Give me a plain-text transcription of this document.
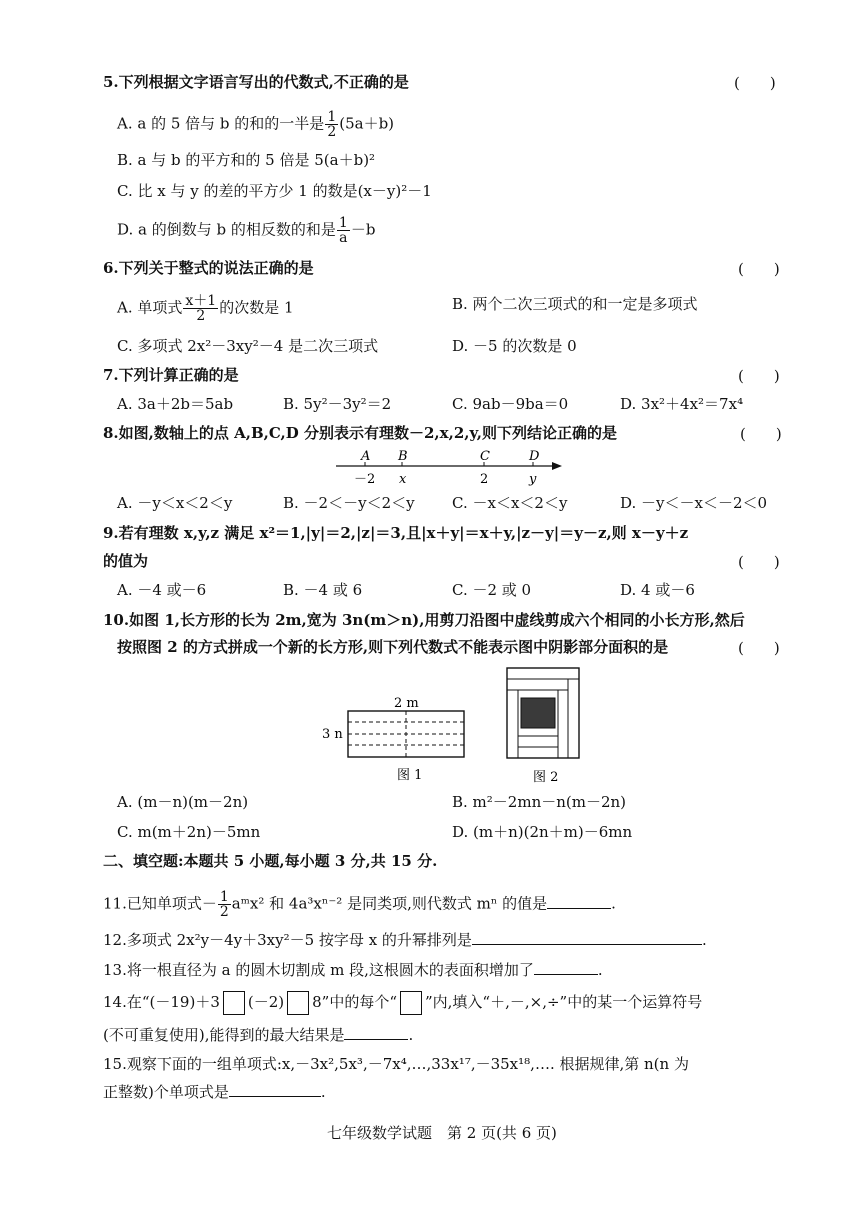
5.下列根据文字语言写出的代数式,不正确的是	(　　)
A. a 的 5 倍与 b 的和的一半是 $\frac{1}{2} (5a+b)$
B. a 与 b 的平方和的 5 倍是 5(a＋b)²
C. 比 x 与 y 的差的平方少 1 的数是(x－y)²－1
D. a 的倒数与 b 的相反数的和是 $\frac{1}{a} -b$
6.下列关于整式的说法正确的是	(　　)
A. 单项式 $\frac{x+1}{2}$ 的次数是 1	B. 两个二次三项式的和一定是多项式
C. 多项式 2x²－3xy²－4 是二次三项式	D. －5 的次数是 0
7.下列计算正确的是	(　　)
A. 3a＋2b＝5ab	B. 5y²－3y²＝2	C. 9ab－9ba＝0	D. 3x²＋4x²＝7x⁴
8.如图,数轴上的点 A,B,C,D 分别表示有理数－2,x,2,y,则下列结论正确的是	(　　)
A B	C	D
－2 x	2	y
A. －y＜x＜2＜y	B. －2＜－y＜2＜y C. －x＜x＜2＜y	D. －y＜－x＜－2＜0
9.若有理数 x,y,z 满足 x²＝1,|y|＝2,|z|＝3,且|x＋y|＝x＋y,|z－y|＝y－z,则 x－y＋z
的值为	(　　)
A. －4 或－6	B. －4 或 6	C. －2 或 0	D. 4 或－6
10.如图 1,长方形的长为 2m,宽为 3n(m＞n),用剪刀沿图中虚线剪成六个相同的小长方形,然后
按照图 2 的方式拼成一个新的长方形,则下列代数式不能表示图中阴影部分面积的是	(　　)
2 m
3 n
图 1	图 2
A. (m－n)(m－2n)	B. m²－2mn－n(m－2n)
C. m(m＋2n)－5mn	D. (m＋n)(2n＋m)－6mn
二、填空题:本题共 5 小题,每小题 3 分,共 15 分.
11.已知单项式－ $\frac{1}{2}$ aᵐx² 和 4a³xⁿ⁻² 是同类项,则代数式 mⁿ 的值是	.
12.多项式 2x²y－4y＋3xy²－5 按字母 x 的升幂排列是	.
13.将一根直径为 a 的圆木切割成 m 段,这根圆木的表面积增加了	.
14.在“(－19)＋3 (－2) 8”中的每个“ ”内,填入“＋,－,×,÷”中的某一个运算符号
(不可重复使用),能得到的最大结果是	.
15.观察下面的一组单项式:x,－3x²,5x³,－7x⁴,…,33x¹⁷,－35x¹⁸,…. 根据规律,第 n(n 为
正整数)个单项式是	.
七年级数学试题　第 2 页(共 6 页)
